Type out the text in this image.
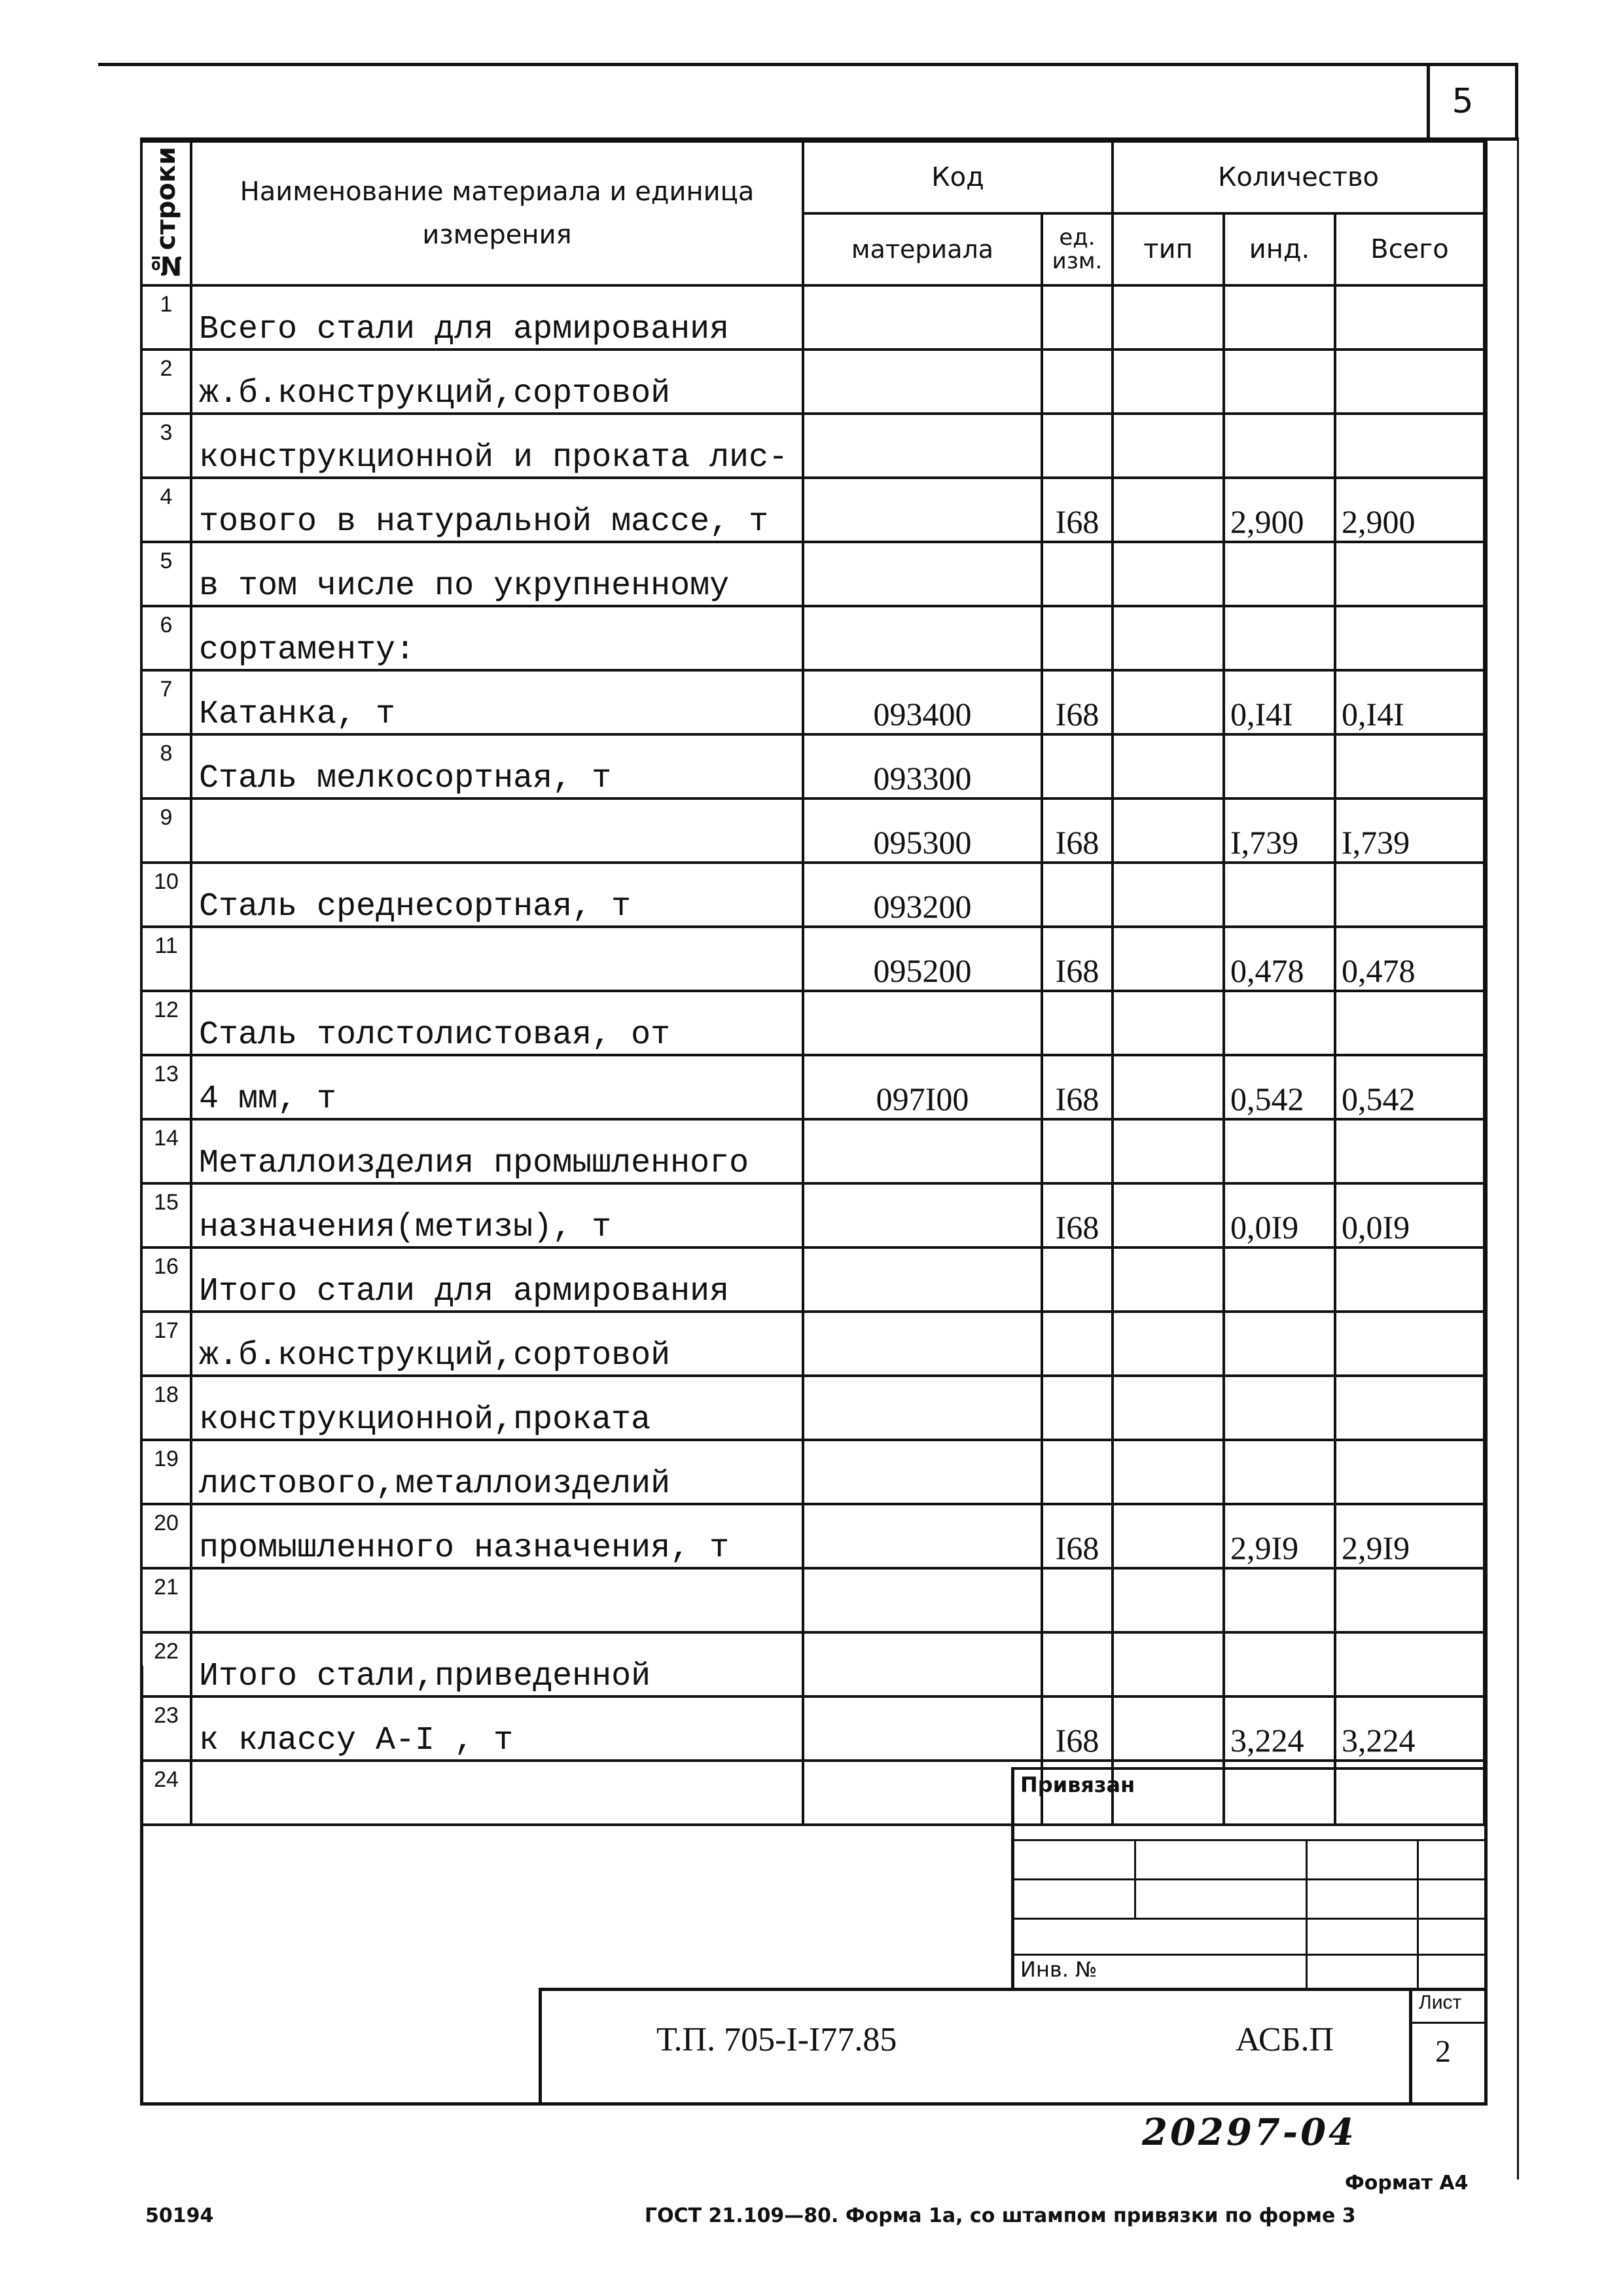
5
№строки	Наименование материала и единица измерения	Код		Количество		
		материала	ед. изм.	тип	инд.	Всего
1	Всего стали для армирования					
2	ж.б.конструкций,сортовой					
3	конструкционной и проката лис-					
4	тового в натуральной массе, т		I68		2,900	2,900
5	в том числе по укрупненному					
6	сортаменту:					
7	Катанка, т	093400	I68		0,I4I	0,I4I
8	Сталь мелкосортная, т	093300				
9		095300	I68		I,739	I,739
10	Сталь среднесортная, т	093200				
11		095200	I68		0,478	0,478
12	Сталь толстолистовая, от					
13	4 мм, т	097I00	I68		0,542	0,542
14	Металлоизделия промышленного					
15	назначения(метизы), т		I68		0,0I9	0,0I9
16	Итого стали для армирования					
17	ж.б.конструкций,сортовой					
18	конструкционной,проката					
19	листового,металлоизделий					
20	промышленного назначения, т		I68		2,9I9	2,9I9
21						
22	Итого стали,приведенной					
23	к классу А-I , т		I68		3,224	3,224
24							Привязан
Инв. №
Т.П. 705-I-I77.85	АСБ.П
Лист
2
20297-04
Формат А4
50194	ГОСТ 21.109—80. Форма 1а, со штампом привязки по форме 3
